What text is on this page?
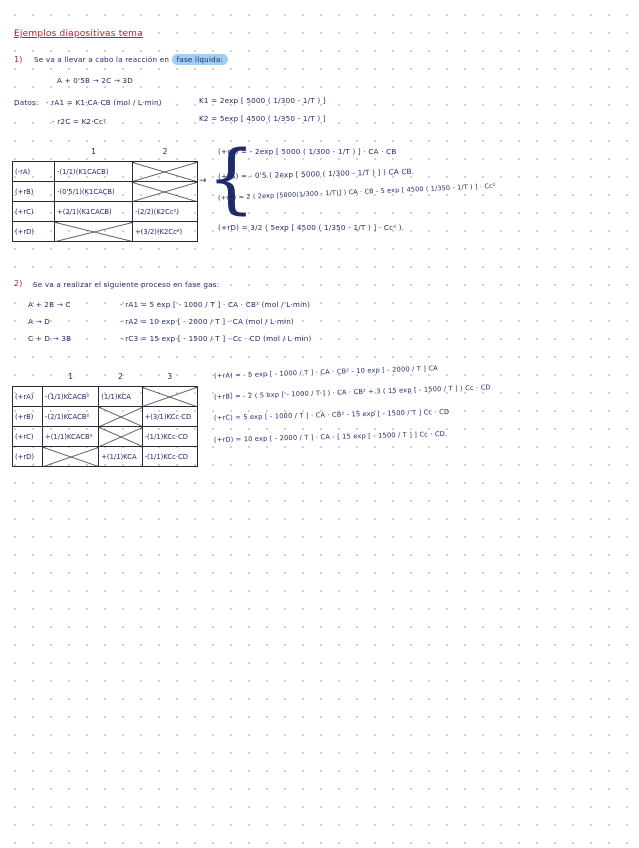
Ejemplos diapositivas tema
1) Se va a llevar a cabo la reacción en fase líquida:
A + 0'5B → 2C → 3D
Datos: - rA1 = K1·CA·CB (mol / L·min)
- r2C = K2·Cc²
K1 = 2exp [ 5000 ( 1/300 - 1/T ) ]
K2 = 5exp [ 4500 ( 1/350 - 1/T ) ]
	1	2
(-rA)	-(1/1)(K1CACB)	
(+rB)	-(0'5/1)(K1CACB)	
(+rC)	+(2/1)(K1CACB)	-(2/2)(K2Cc²)
(+rD)		+(3/2)(K2Cc²)
→ {
(+rA) = - 2exp [ 5000 ( 1/300 - 1/T ) ] · CA · CB
(+rB) = - 0'5 ( 2exp [ 5000 ( 1/300 - 1/T ) ] ) CA CB.
(+rC) = 2 ( 2exp [5000(1/300 - 1/T)] ) CA · CB - 5 exp [ 4500 ( 1/350 - 1/T ) ] · Cc²
(+rD) = 3/2 ( 5exp [ 4500 ( 1/350 - 1/T ) ] · Cc² ).
2) Se va a realizar el siguiente proceso en fase gas:
A + 2B → C
A → D
C + D → 3B
- rA1 = 5 exp [ - 1000 / T ] · CA · CB² (mol / L·min)
- rA2 = 10 exp [ - 2000 / T ] · CA (mol / L·min)
- rC3 = 15 exp [ - 1500 / T ] · Cc · CD (mol / L·min)
	1	2	3
(+rA)	-(1/1)KCACB²	(1/1)KCA	
(+rB)	-(2/1)KCACB²		+(3/1)KCc·CD
(+rC)	+(1/1)KCACB²		-(1/1)KCc·CD
(+rD)		+(1/1)KCA	-(1/1)KCc·CD
(+rA) = - 5 exp [ - 1000 / T ] · CA · CB² - 10 exp [ - 2000 / T ] CA
(+rB) = - 2 ( 5 exp [ - 1000 / T ] ) · CA · CB² + 3 ( 15 exp [ - 1500 / T ] ) Cc · CD
(+rC) = 5 exp [ - 1000 / T ] · CA · CB² - 15 exp [ - 1500 / T ] Cc · CD
(+rD) = 10 exp [ - 2000 / T ] · CA - [ 15 exp [ - 1500 / T ] ] Cc · CD.
